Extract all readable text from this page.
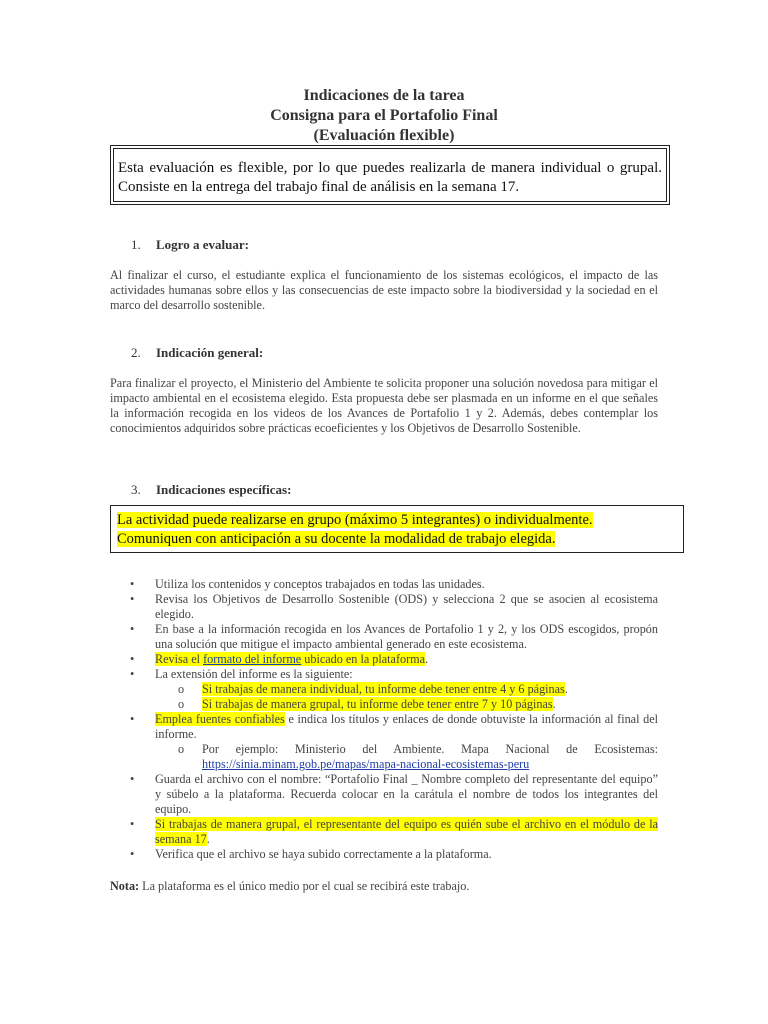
Indicaciones de la tarea
Consigna para el Portafolio Final
(Evaluación flexible)
Esta evaluación es flexible, por lo que puedes realizarla de manera individual o grupal. Consiste en la entrega del trabajo final de análisis en la semana 17.
1. Logro a evaluar:
Al finalizar el curso, el estudiante explica el funcionamiento de los sistemas ecológicos, el impacto de las actividades humanas sobre ellos y las consecuencias de este impacto sobre la biodiversidad y la sociedad en el marco del desarrollo sostenible.
2. Indicación general:
Para finalizar el proyecto, el Ministerio del Ambiente te solicita proponer una solución novedosa para mitigar el impacto ambiental en el ecosistema elegido. Esta propuesta debe ser plasmada en un informe en el que señales la información recogida en los videos de los Avances de Portafolio 1 y 2. Además, debes contemplar los conocimientos adquiridos sobre prácticas ecoeficientes y los Objetivos de Desarrollo Sostenible.
3. Indicaciones específicas:
La actividad puede realizarse en grupo (máximo 5 integrantes) o individualmente.
Comuniquen con anticipación a su docente la modalidad de trabajo elegida.
• Utiliza los contenidos y conceptos trabajados en todas las unidades.
• Revisa los Objetivos de Desarrollo Sostenible (ODS) y selecciona 2 que se asocien al ecosistema elegido.
• En base a la información recogida en los Avances de Portafolio 1 y 2, y los ODS escogidos, propón una solución que mitigue el impacto ambiental generado en este ecosistema.
• Revisa el formato del informe ubicado en la plataforma.
• La extensión del informe es la siguiente:
o Si trabajas de manera individual, tu informe debe tener entre 4 y 6 páginas.
o Si trabajas de manera grupal, tu informe debe tener entre 7 y 10 páginas.
• Emplea fuentes confiables e indica los títulos y enlaces de donde obtuviste la información al final del informe.
o Por ejemplo: Ministerio del Ambiente. Mapa Nacional de Ecosistemas: https://sinia.minam.gob.pe/mapas/mapa-nacional-ecosistemas-peru
• Guarda el archivo con el nombre: “Portafolio Final _ Nombre completo del representante del equipo” y súbelo a la plataforma. Recuerda colocar en la carátula el nombre de todos los integrantes del equipo.
• Si trabajas de manera grupal, el representante del equipo es quién sube el archivo en el módulo de la semana 17.
• Verifica que el archivo se haya subido correctamente a la plataforma.
Nota: La plataforma es el único medio por el cual se recibirá este trabajo.
